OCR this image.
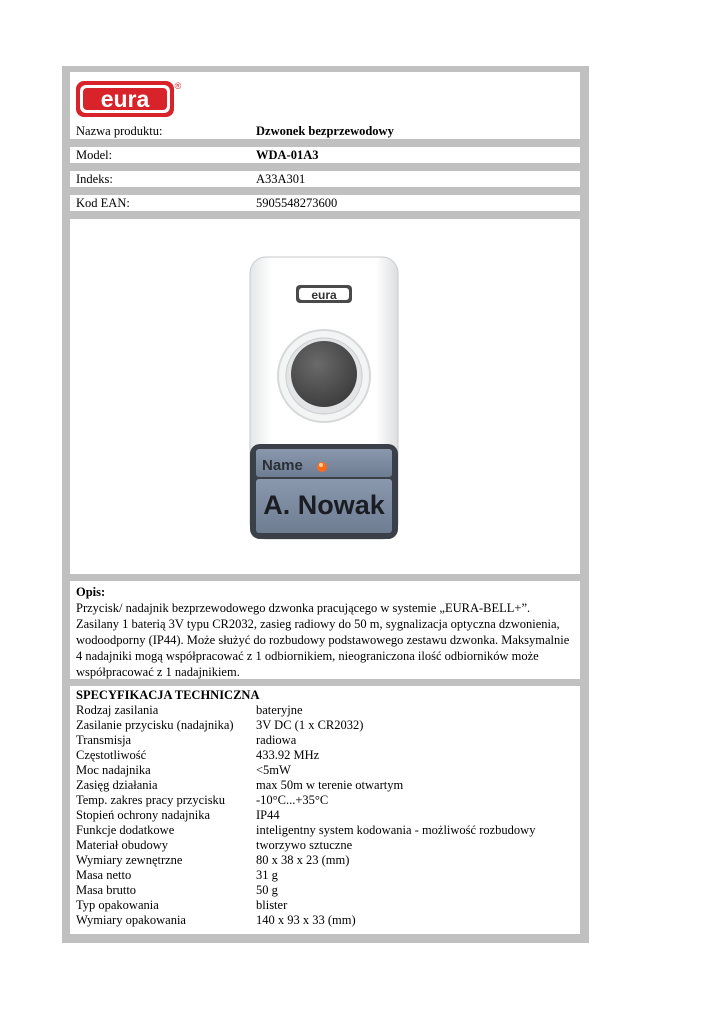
eura	®
Nazwa produktu:	Dzwonek bezprzewodowy
Model:	WDA-01A3
Indeks:	A33A301
Kod EAN:	5905548273600
eura
Name
A. Nowak
Opis:
Przycisk/ nadajnik bezprzewodowego dzwonka pracującego w systemie „EURA-BELL+”. Zasilany 1 baterią 3V typu CR2032, zasieg radiowy do 50 m, sygnalizacja optyczna dzwonienia, wodoodporny (IP44). Może służyć do rozbudowy podstawowego zestawu dzwonka. Maksymalnie 4 nadajniki mogą współpracować z 1 odbiornikiem, nieograniczona ilość odbiorników może współpracować z 1 nadajnikiem.
SPECYFIKACJA TECHNICZNA
Rodzaj zasilania	bateryjne
Zasilanie przycisku (nadajnika)	3V DC (1 x CR2032)
Transmisja	radiowa
Częstotliwość	433.92 MHz
Moc nadajnika	<5mW
Zasięg działania	max 50m w terenie otwartym
Temp. zakres pracy przycisku	-10°C...+35°C
Stopień ochrony nadajnika	IP44
Funkcje dodatkowe	inteligentny system kodowania - możliwość rozbudowy
Materiał obudowy	tworzywo sztuczne
Wymiary zewnętrzne	80 x 38 x 23 (mm)
Masa netto	31 g
Masa brutto	50 g
Typ opakowania	blister
Wymiary opakowania	140 x 93 x 33 (mm)
